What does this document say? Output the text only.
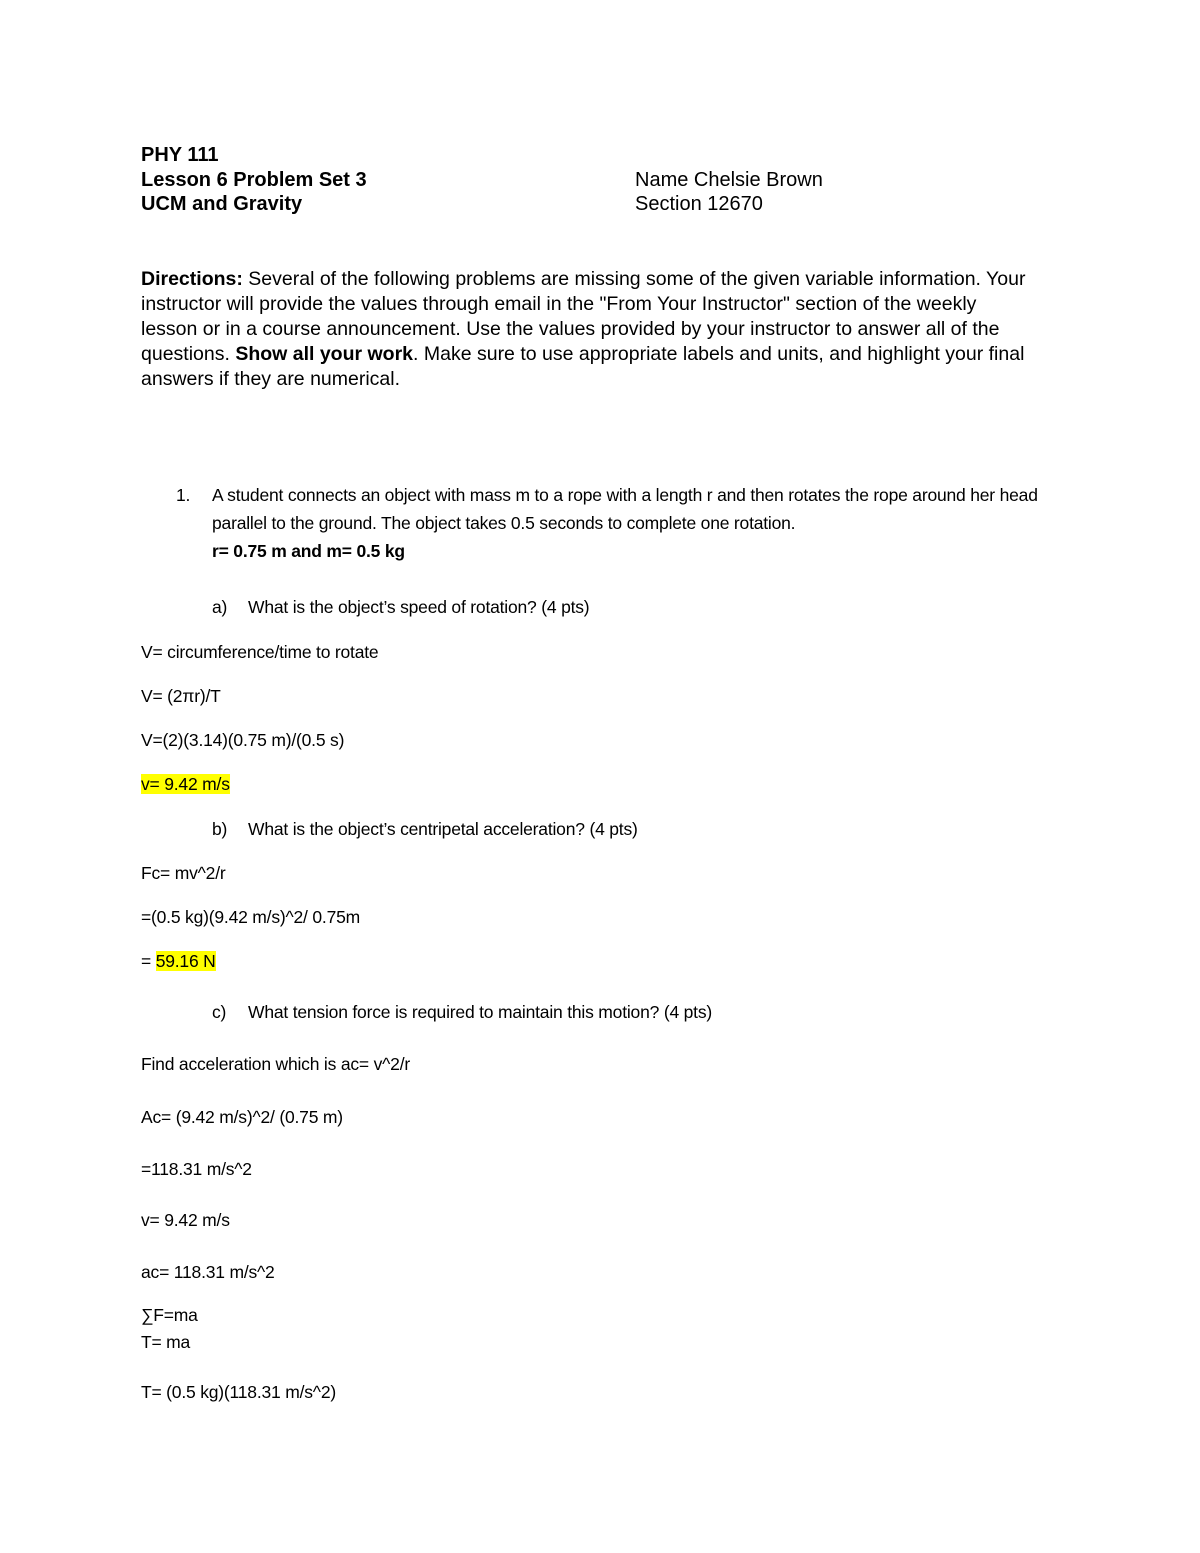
PHY 111
Lesson 6 Problem Set 3
UCM and Gravity
Name Chelsie Brown
Section 12670
Directions: Several of the following problems are missing some of the given variable information. Your instructor will provide the values through email in the "From Your Instructor" section of the weekly lesson or in a course announcement. Use the values provided by your instructor to answer all of the questions. Show all your work. Make sure to use appropriate labels and units, and highlight your final answers if they are numerical.
1. A student connects an object with mass m to a rope with a length r and then rotates the rope around her head parallel to the ground. The object takes 0.5 seconds to complete one rotation.
r= 0.75 m and m= 0.5 kg
a) What is the object’s speed of rotation? (4 pts)
V= circumference/time to rotate
V= (2πr)/T
V=(2)(3.14)(0.75 m)/(0.5 s)
v= 9.42 m/s
b) What is the object’s centripetal acceleration? (4 pts)
Fc= mv^2/r
=(0.5 kg)(9.42 m/s)^2/ 0.75m
= 59.16 N
c) What tension force is required to maintain this motion? (4 pts)
Find acceleration which is ac= v^2/r
Ac= (9.42 m/s)^2/ (0.75 m)
=118.31 m/s^2
v= 9.42 m/s
ac= 118.31 m/s^2
∑F=ma
T= ma
T= (0.5 kg)(118.31 m/s^2)
